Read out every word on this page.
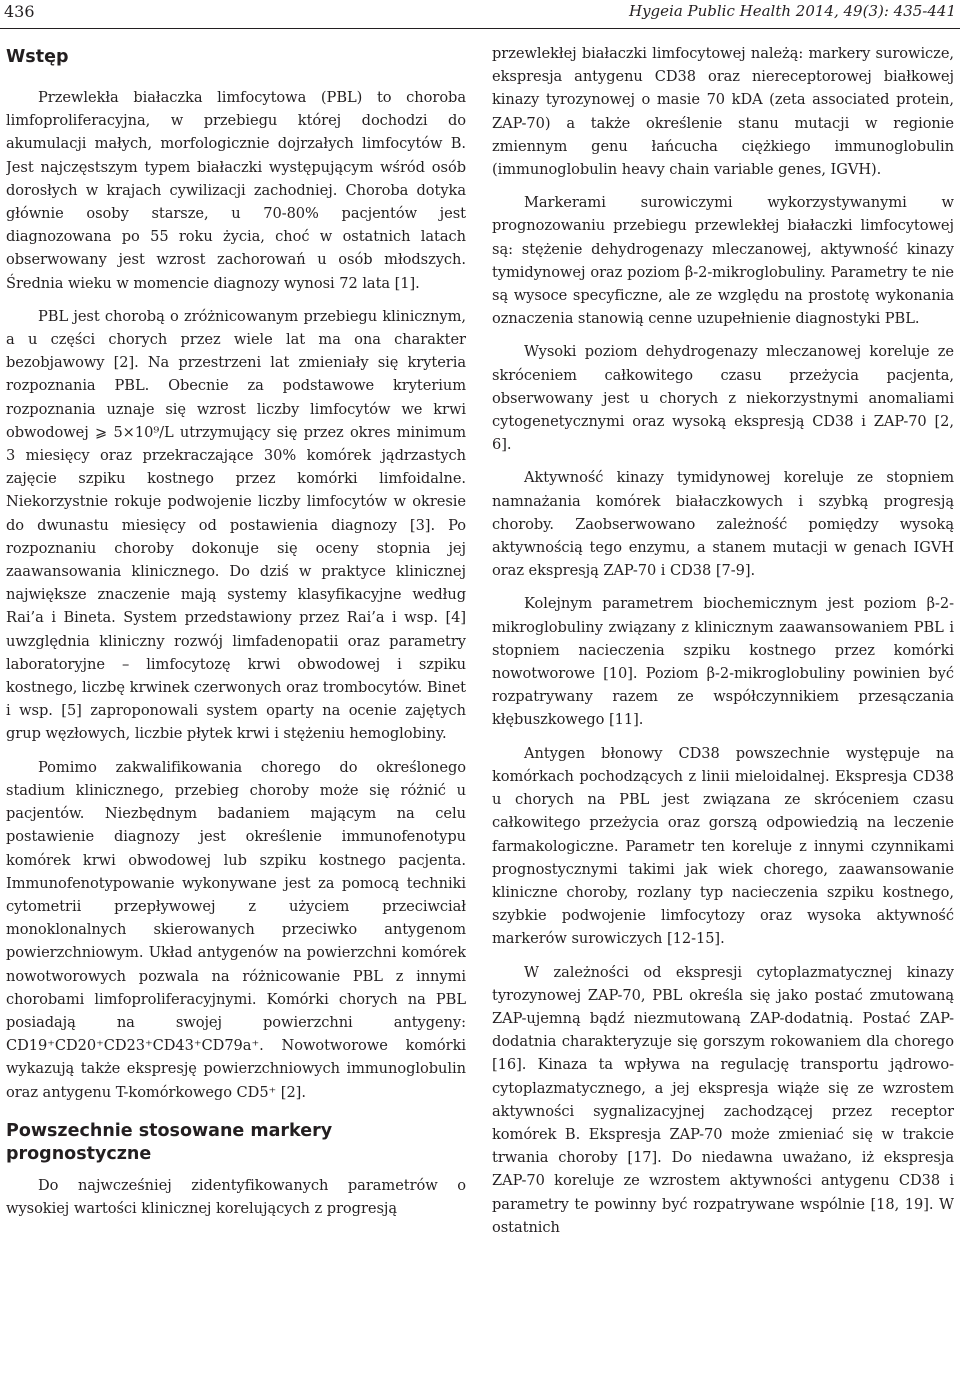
436	Hygeia Public Health 2014, 49(3): 435-441
Wstęp

Przewlekła białaczka limfocytowa (PBL) to choroba limfoproliferacyjna, w przebiegu której dochodzi do akumulacji małych, morfologicznie dojrzałych limfocytów B. Jest najczęstszym typem białaczki występującym wśród osób dorosłych w krajach cywilizacji zachodniej. Choroba dotyka głównie osoby starsze, u 70-80% pacjentów jest diagnozowana po 55 roku życia, choć w ostatnich latach obserwowany jest wzrost zachorowań u osób młodszych. Średnia wieku w momencie diagnozy wynosi 72 lata [1].

PBL jest chorobą o zróżnicowanym przebiegu klinicznym, a u części chorych przez wiele lat ma ona charakter bezobjawowy [2]. Na przestrzeni lat zmieniały się kryteria rozpoznania PBL. Obecnie za podstawowe kryterium rozpoznania uznaje się wzrost liczby limfocytów we krwi obwodowej ⩾ 5×10⁹/L utrzymujący się przez okres minimum 3 miesięcy oraz przekraczające 30% komórek jądrzastych zajęcie szpiku kostnego przez komórki limfoidalne. Niekorzystnie rokuje podwojenie liczby limfocytów w okresie do dwunastu miesięcy od postawienia diagnozy [3]. Po rozpoznaniu choroby dokonuje się oceny stopnia jej zaawansowania klinicznego. Do dziś w praktyce klinicznej największe znaczenie mają systemy klasyfikacyjne według Rai’a i Bineta. System przedstawiony przez Rai’a i wsp. [4] uwzględnia kliniczny rozwój limfadenopatii oraz parametry laboratoryjne – limfocytozę krwi obwodowej i szpiku kostnego, liczbę krwinek czerwonych oraz trombocytów. Binet i wsp. [5] zaproponowali system oparty na ocenie zajętych grup węzłowych, liczbie płytek krwi i stężeniu hemoglobiny.

Pomimo zakwalifikowania chorego do określonego stadium klinicznego, przebieg choroby może się różnić u pacjentów. Niezbędnym badaniem mającym na celu postawienie diagnozy jest określenie immunofenotypu komórek krwi obwodowej lub szpiku kostnego pacjenta. Immunofenotypowanie wykonywane jest za pomocą techniki cytometrii przepływowej z użyciem przeciwciał monoklonalnych skierowanych przeciwko antygenom powierzchniowym. Układ antygenów na powierzchni komórek nowotworowych pozwala na różnicowanie PBL z innymi chorobami limfoproliferacyjnymi. Komórki chorych na PBL posiadają na swojej powierzchni antygeny: CD19⁺CD20⁺CD23⁺CD43⁺CD79a⁺. Nowotworowe komórki wykazują także ekspresję powierzchniowych immunoglobulin oraz antygenu T-komórkowego CD5⁺ [2].

Powszechnie stosowane markery prognostyczne

Do najwcześniej zidentyfikowanych parametrów o wysokiej wartości klinicznej korelujących z progresją

przewlekłej białaczki limfocytowej należą: markery surowicze, ekspresja antygenu CD38 oraz niereceptorowej białkowej kinazy tyrozynowej o masie 70 kDA (zeta associated protein, ZAP-70) a także określenie stanu mutacji w regionie zmiennym genu łańcucha ciężkiego immunoglobulin (immunoglobulin heavy chain variable genes, IGVH).

Markerami surowiczymi wykorzystywanymi w prognozowaniu przebiegu przewlekłej białaczki limfocytowej są: stężenie dehydrogenazy mleczanowej, aktywność kinazy tymidynowej oraz poziom β-2-mikroglobuliny. Parametry te nie są wysoce specyficzne, ale ze względu na prostotę wykonania oznaczenia stanowią cenne uzupełnienie diagnostyki PBL.

Wysoki poziom dehydrogenazy mleczanowej koreluje ze skróceniem całkowitego czasu przeżycia pacjenta, obserwowany jest u chorych z niekorzystnymi anomaliami cytogenetycznymi oraz wysoką ekspresją CD38 i ZAP-70 [2, 6].

Aktywność kinazy tymidynowej koreluje ze stopniem namnażania komórek białaczkowych i szybką progresją choroby. Zaobserwowano zależność pomiędzy wysoką aktywnością tego enzymu, a stanem mutacji w genach IGVH oraz ekspresją ZAP-70 i CD38 [7-9].

Kolejnym parametrem biochemicznym jest poziom β-2-mikroglobuliny związany z klinicznym zaawansowaniem PBL i stopniem nacieczenia szpiku kostnego przez komórki nowotworowe [10]. Poziom β-2-mikroglobuliny powinien być rozpatrywany razem ze współczynnikiem przesączania kłębuszkowego [11].

Antygen błonowy CD38 powszechnie występuje na komórkach pochodzących z linii mieloidalnej. Ekspresja CD38 u chorych na PBL jest związana ze skróceniem czasu całkowitego przeżycia oraz gorszą odpowiedzią na leczenie farmakologiczne. Parametr ten koreluje z innymi czynnikami prognostycznymi takimi jak wiek chorego, zaawansowanie kliniczne choroby, rozlany typ nacieczenia szpiku kostnego, szybkie podwojenie limfocytozy oraz wysoka aktywność markerów surowiczych [12-15].

W zależności od ekspresji cytoplazmatycznej kinazy tyrozynowej ZAP-70, PBL określa się jako postać zmutowaną ZAP-ujemną bądź niezmutowaną ZAP-dodatnią. Postać ZAP-dodatnia charakteryzuje się gorszym rokowaniem dla chorego [16]. Kinaza ta wpływa na regulację transportu jądrowo-cytoplazmatycznego, a jej ekspresja wiąże się ze wzrostem aktywności sygnalizacyjnej zachodzącej przez receptor komórek B. Ekspresja ZAP-70 może zmieniać się w trakcie trwania choroby [17]. Do niedawna uważano, iż ekspresja ZAP-70 koreluje ze wzrostem aktywności antygenu CD38 i parametry te powinny być rozpatrywane wspólnie [18, 19]. W ostatnich
